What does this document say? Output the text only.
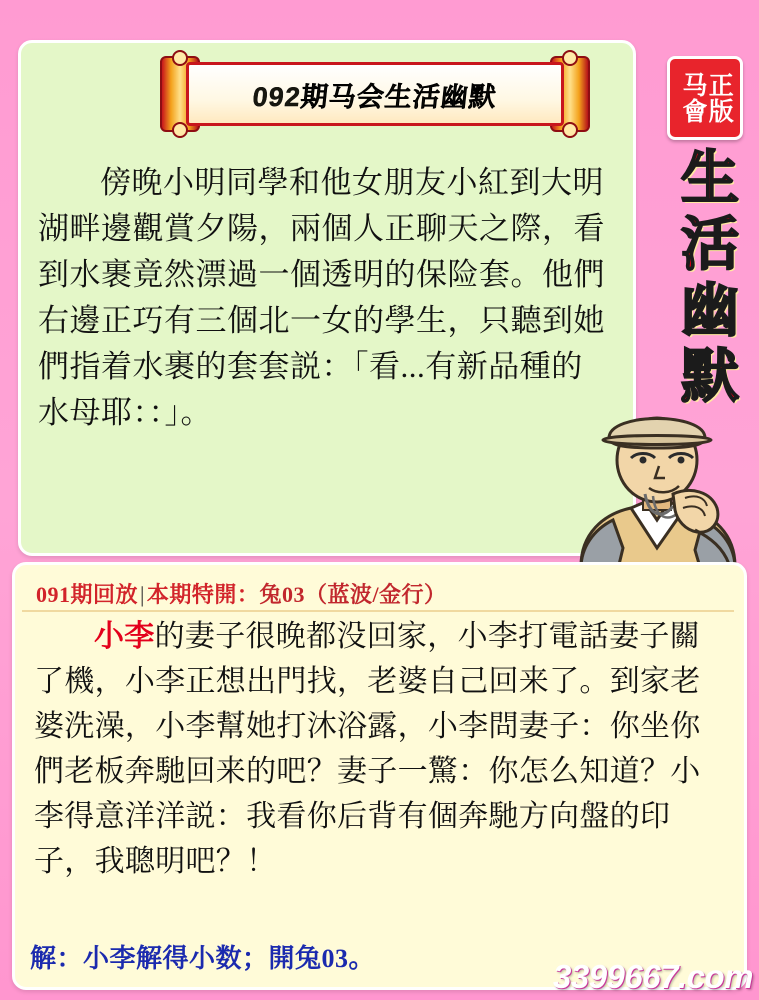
092期马会生活幽默	正版
马會
生
活
幽
默
傍晚小明同學和他女朋友小紅到大明湖畔邊觀賞夕陽，兩個人正聊天之際，看到水裹竟然漂過一個透明的保险套。他們右邊正巧有三個北一女的學生，只聽到她們指着水裹的套套説：「看...有新品種的水母耶：：」。
091期回放|本期特開：兔03（蓝波/金行）
小李的妻子很晚都没回家，小李打電話妻子關了機，小李正想出門找，老婆自己回来了。到家老婆洗澡，小李幫她打沐浴露，小李問妻子：你坐你們老板奔馳回来的吧？妻子一驚：你怎么知道？小李得意洋洋説：我看你后背有個奔馳方向盤的印子，我聰明吧？！
解：小李解得小数；開兔03。	3399667.com
